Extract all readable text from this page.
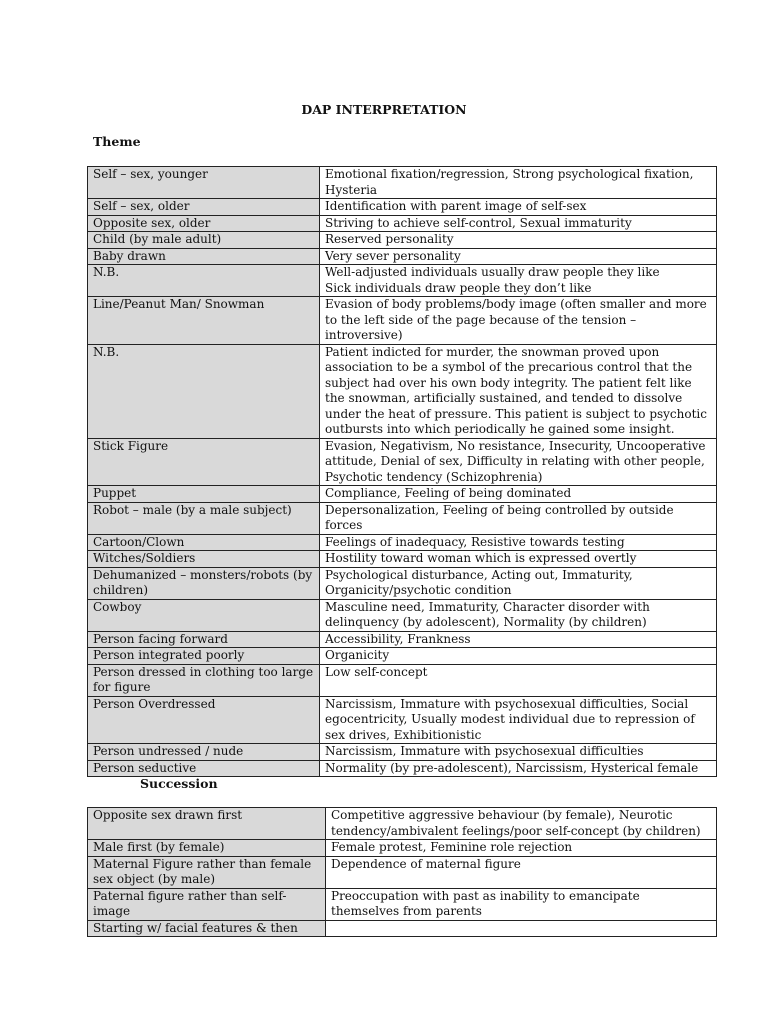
DAP INTERPRETATION
Theme
Self – sex, younger	Emotional fixation/regression, Strong psychological fixation, Hysteria
Self – sex, older	Identification with parent image of self-sex
Opposite sex, older	Striving to achieve self-control, Sexual immaturity
Child (by male adult)	Reserved personality
Baby drawn	Very sever personality
N.B.	Well-adjusted individuals usually draw people they like
Sick individuals draw people they don’t like
Line/Peanut Man/ Snowman	Evasion of body problems/body image (often smaller and more to the left side of the page because of the tension – introversive)
N.B.	Patient indicted for murder, the snowman proved upon association to be a symbol of the precarious control that the subject had over his own body integrity. The patient felt like the snowman, artificially sustained, and tended to dissolve under the heat of pressure. This patient is subject to psychotic outbursts into which periodically he gained some insight.
Stick Figure	Evasion, Negativism, No resistance, Insecurity, Uncooperative attitude, Denial of sex, Difficulty in relating with other people, Psychotic tendency (Schizophrenia)
Puppet	Compliance, Feeling of being dominated
Robot – male (by a male subject)	Depersonalization, Feeling of being controlled by outside forces
Cartoon/Clown	Feelings of inadequacy, Resistive towards testing
Witches/Soldiers	Hostility toward woman which is expressed overtly
Dehumanized – monsters/robots (by children)	Psychological disturbance, Acting out, Immaturity, Organicity/psychotic condition
Cowboy	Masculine need, Immaturity, Character disorder with delinquency (by adolescent), Normality (by children)
Person facing forward	Accessibility, Frankness
Person integrated poorly	Organicity
Person dressed in clothing too large for figure	Low self-concept
Person Overdressed	Narcissism, Immature with psychosexual difficulties, Social egocentricity, Usually modest individual due to repression of sex drives, Exhibitionistic
Person undressed / nude	Narcissism, Immature with psychosexual difficulties
Person seductive	Normality (by pre-adolescent), Narcissism, Hysterical female
Succession
Opposite sex drawn first	Competitive aggressive behaviour (by female), Neurotic tendency/ambivalent feelings/poor self-concept (by children)
Male first (by female)	Female protest, Feminine role rejection
Maternal Figure rather than female sex object (by male)	Dependence of maternal figure
Paternal figure rather than self-image	Preoccupation with past as inability to emancipate themselves from parents
Starting w/ facial features & then	
